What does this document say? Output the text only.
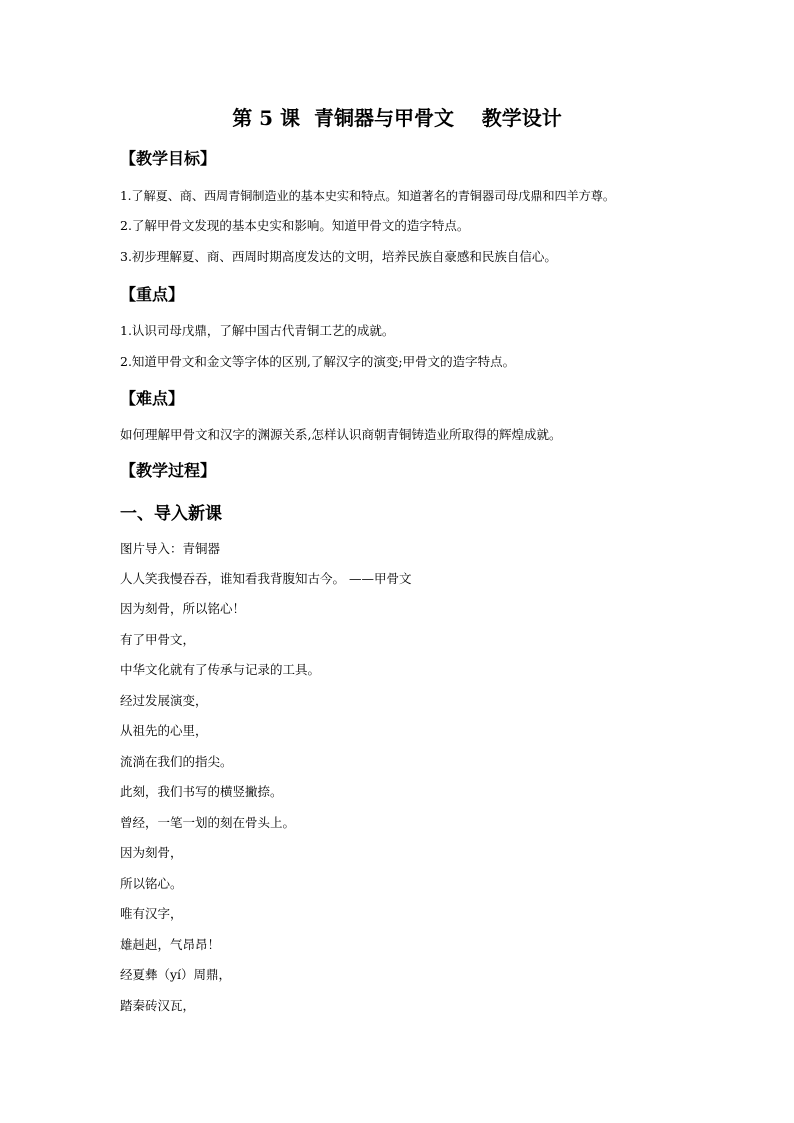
第 5 课  青铜器与甲骨文    教学设计
【教学目标】
1.了解夏、商、西周青铜制造业的基本史实和特点。知道著名的青铜器司母戊鼎和四羊方尊。
2.了解甲骨文发现的基本史实和影响。知道甲骨文的造字特点。
3.初步理解夏、商、西周时期高度发达的文明，培养民族自豪感和民族自信心。
【重点】
1.认识司母戊鼎，了解中国古代青铜工艺的成就。
2.知道甲骨文和金文等字体的区别,了解汉字的演变;甲骨文的造字特点。
【难点】
如何理解甲骨文和汉字的渊源关系,怎样认识商朝青铜铸造业所取得的辉煌成就。
【教学过程】
一、导入新课
图片导入：青铜器
人人笑我慢吞吞，谁知看我背腹知古今。 ——甲骨文
因为刻骨，所以铭心！
有了甲骨文，
中华文化就有了传承与记录的工具。
经过发展演变，
从祖先的心里，
流淌在我们的指尖。
此刻，我们书写的横竖撇捺。
曾经，一笔一划的刻在骨头上。
因为刻骨，
所以铭心。
唯有汉字，
雄赳赳，气昂昂！
经夏彝（yí）周鼎，
踏秦砖汉瓦，
